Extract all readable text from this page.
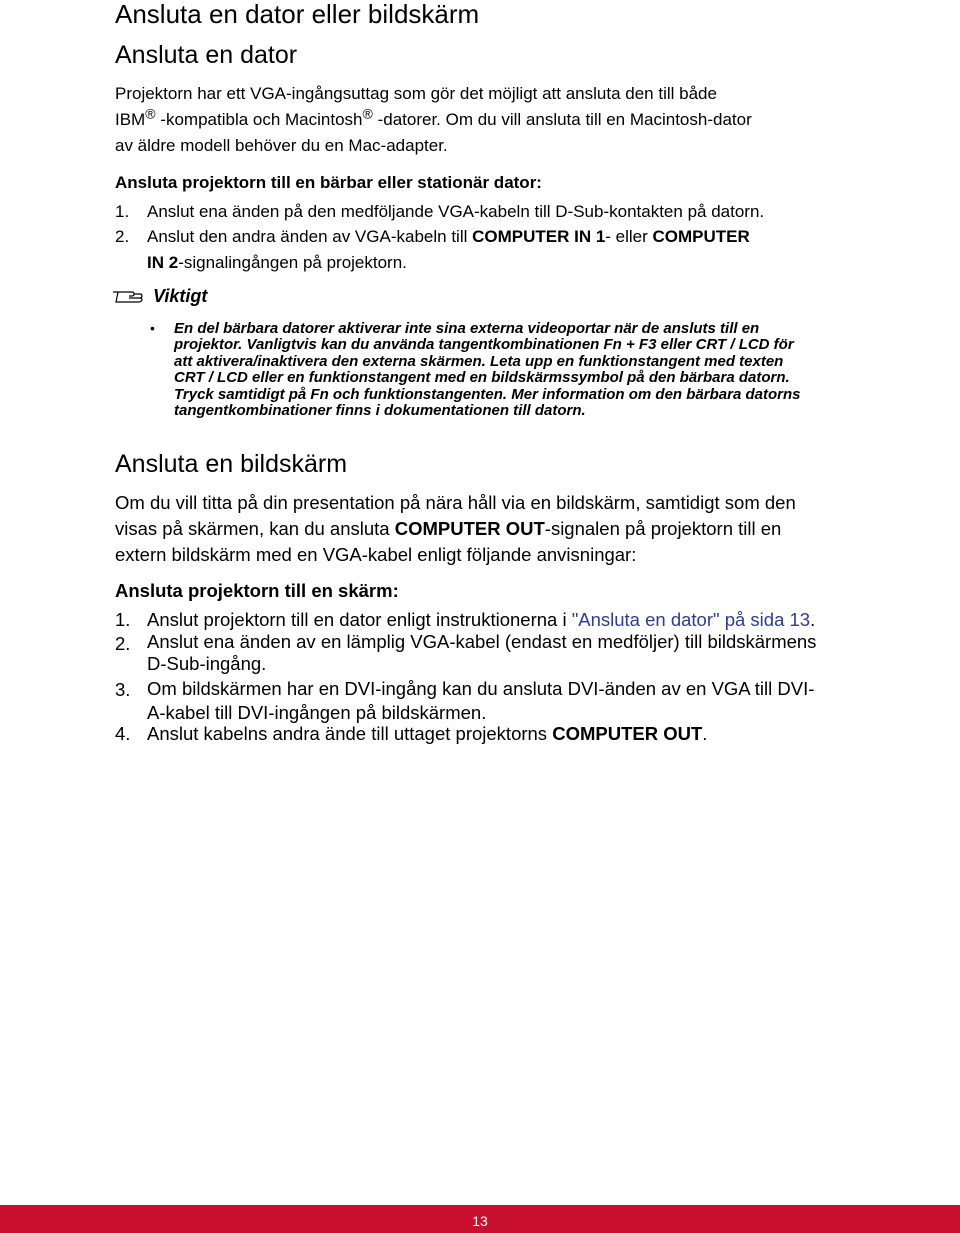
Ansluta en dator eller bildskärm
Ansluta en dator
Projektorn har ett VGA-ingångsuttag som gör det möjligt att ansluta den till både
IBM® -kompatibla och Macintosh® -datorer. Om du vill ansluta till en Macintosh-dator
av äldre modell behöver du en Mac-adapter.
Ansluta projektorn till en bärbar eller stationär dator:
1. Anslut ena änden på den medföljande VGA-kabeln till D-Sub-kontakten på datorn.
2. Anslut den andra änden av VGA-kabeln till COMPUTER IN 1- eller COMPUTER
IN 2-signalingången på projektorn.
Viktigt
• En del bärbara datorer aktiverar inte sina externa videoportar när de ansluts till en
projektor. Vanligtvis kan du använda tangentkombinationen Fn + F3 eller CRT / LCD för
att aktivera/inaktivera den externa skärmen. Leta upp en funktionstangent med texten
CRT / LCD eller en funktionstangent med en bildskärmssymbol på den bärbara datorn.
Tryck samtidigt på Fn och funktionstangenten. Mer information om den bärbara datorns
tangentkombinationer finns i dokumentationen till datorn.
Ansluta en bildskärm
Om du vill titta på din presentation på nära håll via en bildskärm, samtidigt som den
visas på skärmen, kan du ansluta COMPUTER OUT-signalen på projektorn till en
extern bildskärm med en VGA-kabel enligt följande anvisningar:
Ansluta projektorn till en skärm:
1. Anslut projektorn till en dator enligt instruktionerna i "Ansluta en dator" på sida 13.
2. Anslut ena änden av en lämplig VGA-kabel (endast en medföljer) till bildskärmens
D-Sub-ingång.
3. Om bildskärmen har en DVI-ingång kan du ansluta DVI-änden av en VGA till DVI-
A-kabel till DVI-ingången på bildskärmen.
4. Anslut kabelns andra ände till uttaget projektorns COMPUTER OUT.
13
